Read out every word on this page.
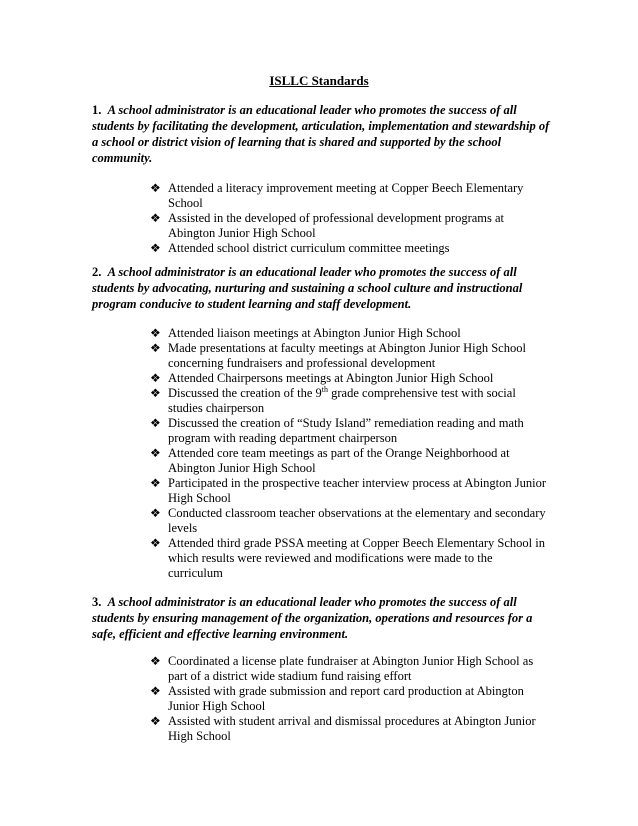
ISLLC Standards
1. A school administrator is an educational leader who promotes the success of all students by facilitating the development, articulation, implementation and stewardship of a school or district vision of learning that is shared and supported by the school community.
❖ Attended a literacy improvement meeting at Copper Beech Elementary School
❖ Assisted in the developed of professional development programs at Abington Junior High School
❖ Attended school district curriculum committee meetings
2. A school administrator is an educational leader who promotes the success of all students by advocating, nurturing and sustaining a school culture and instructional program conducive to student learning and staff development.
❖ Attended liaison meetings at Abington Junior High School
❖ Made presentations at faculty meetings at Abington Junior High School concerning fundraisers and professional development
❖ Attended Chairpersons meetings at Abington Junior High School
❖ Discussed the creation of the 9th grade comprehensive test with social studies chairperson
❖ Discussed the creation of “Study Island” remediation reading and math program with reading department chairperson
❖ Attended core team meetings as part of the Orange Neighborhood at Abington Junior High School
❖ Participated in the prospective teacher interview process at Abington Junior High School
❖ Conducted classroom teacher observations at the elementary and secondary levels
❖ Attended third grade PSSA meeting at Copper Beech Elementary School in which results were reviewed and modifications were made to the curriculum
3. A school administrator is an educational leader who promotes the success of all students by ensuring management of the organization, operations and resources for a safe, efficient and effective learning environment.
❖ Coordinated a license plate fundraiser at Abington Junior High School as part of a district wide stadium fund raising effort
❖ Assisted with grade submission and report card production at Abington Junior High School
❖ Assisted with student arrival and dismissal procedures at Abington Junior High School
